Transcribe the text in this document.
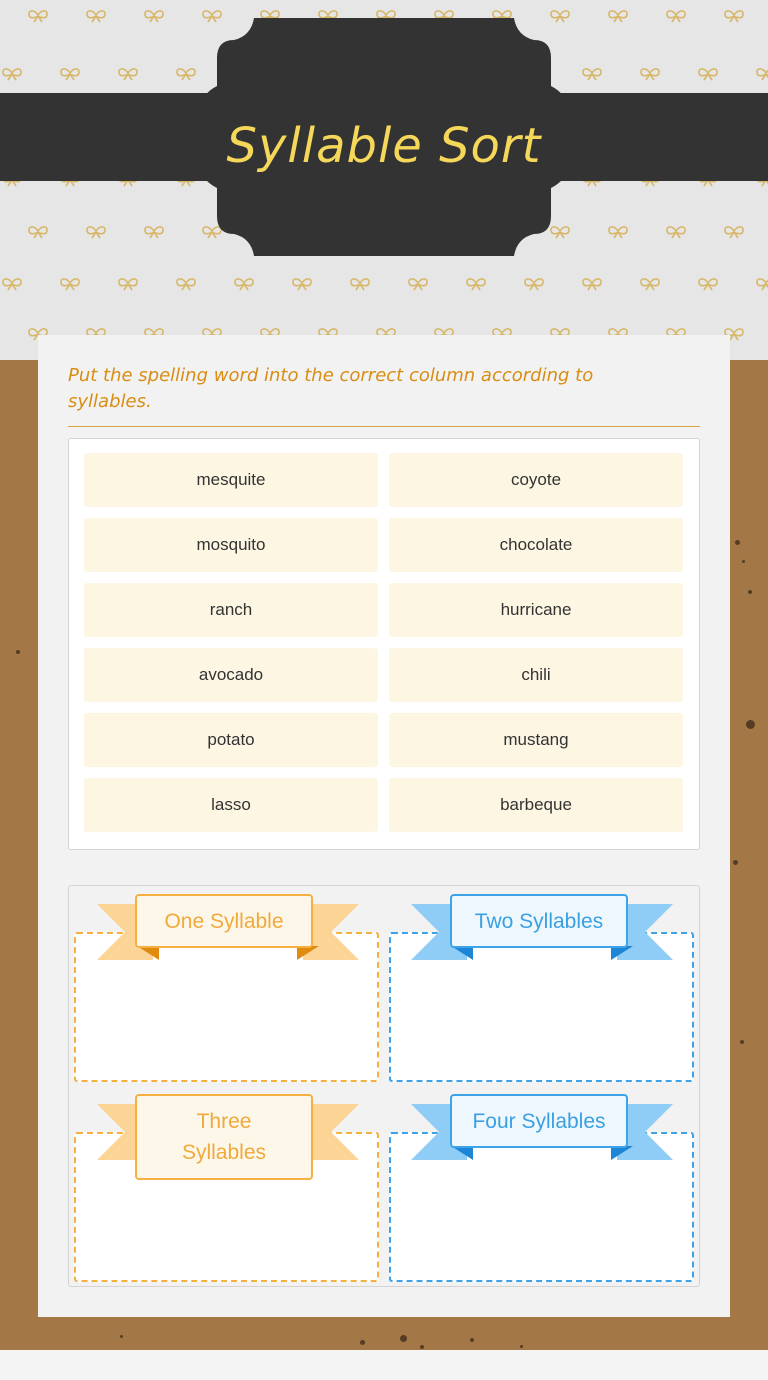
Syllable Sort
Put the spelling word into the correct column according to syllables.
mesquite	coyote
mosquito	chocolate
ranch	hurricane
avocado	chili
potato	mustang
lasso	barbeque
One Syllable	Two Syllables
Three Syllables
Four Syllables
